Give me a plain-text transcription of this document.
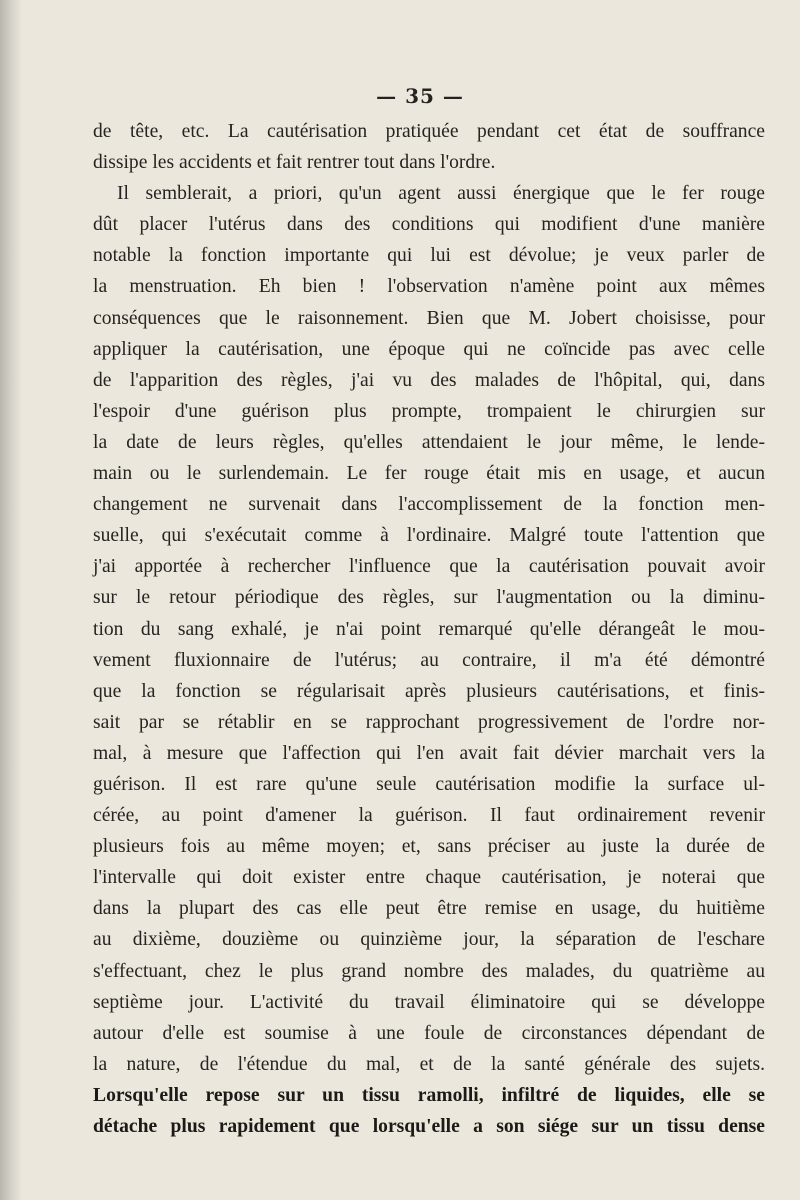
— 35 —
de tête, etc. La cautérisation pratiquée pendant cet état de souffrance
dissipe les accidents et fait rentrer tout dans l'ordre.
Il semblerait, a priori, qu'un agent aussi énergique que le fer rouge
dût placer l'utérus dans des conditions qui modifient d'une manière
notable la fonction importante qui lui est dévolue; je veux parler de
la menstruation. Eh bien ! l'observation n'amène point aux mêmes
conséquences que le raisonnement. Bien que M. Jobert choisisse, pour
appliquer la cautérisation, une époque qui ne coïncide pas avec celle
de l'apparition des règles, j'ai vu des malades de l'hôpital, qui, dans
l'espoir d'une guérison plus prompte, trompaient le chirurgien sur
la date de leurs règles, qu'elles attendaient le jour même, le lende-
main ou le surlendemain. Le fer rouge était mis en usage, et aucun
changement ne survenait dans l'accomplissement de la fonction men-
suelle, qui s'exécutait comme à l'ordinaire. Malgré toute l'attention que
j'ai apportée à rechercher l'influence que la cautérisation pouvait avoir
sur le retour périodique des règles, sur l'augmentation ou la diminu-
tion du sang exhalé, je n'ai point remarqué qu'elle dérangeât le mou-
vement fluxionnaire de l'utérus; au contraire, il m'a été démontré
que la fonction se régularisait après plusieurs cautérisations, et finis-
sait par se rétablir en se rapprochant progressivement de l'ordre nor-
mal, à mesure que l'affection qui l'en avait fait dévier marchait vers la
guérison. Il est rare qu'une seule cautérisation modifie la surface ul-
cérée, au point d'amener la guérison. Il faut ordinairement revenir
plusieurs fois au même moyen; et, sans préciser au juste la durée de
l'intervalle qui doit exister entre chaque cautérisation, je noterai que
dans la plupart des cas elle peut être remise en usage, du huitième
au dixième, douzième ou quinzième jour, la séparation de l'eschare
s'effectuant, chez le plus grand nombre des malades, du quatrième au
septième jour. L'activité du travail éliminatoire qui se développe
autour d'elle est soumise à une foule de circonstances dépendant de
la nature, de l'étendue du mal, et de la santé générale des sujets.
Lorsqu'elle repose sur un tissu ramolli, infiltré de liquides, elle se
détache plus rapidement que lorsqu'elle a son siége sur un tissu dense
